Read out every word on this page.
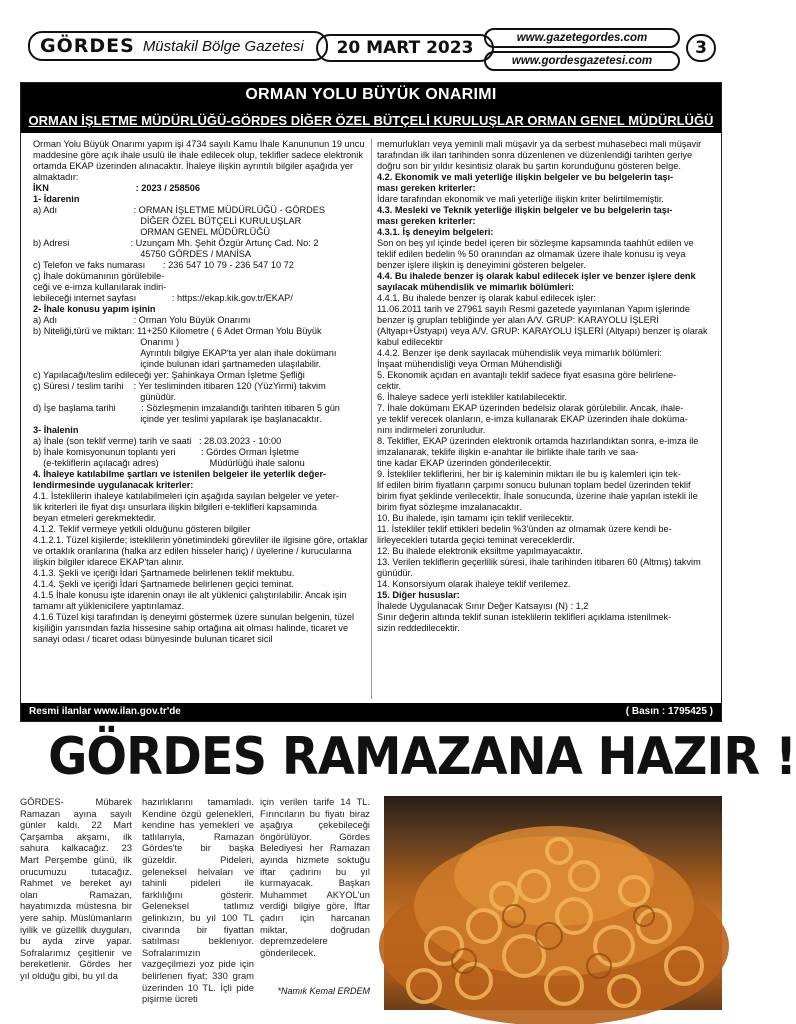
GÖRDES Müstakil Bölge Gazetesi	20 MART 2023	www.gazetegordes.com
www.gordesgazetesi.com
3
ORMAN YOLU BÜYÜK ONARIMI
ORMAN İŞLETME MÜDÜRLÜĞÜ-GÖRDES DİĞER ÖZEL BÜTÇELİ KURULUŞLAR ORMAN GENEL MÜDÜRLÜĞÜ

Orman Yolu Büyük Onarımı yapım işi 4734 sayılı Kamu İhale Kanununun 19 uncu maddesine göre açık ihale usulü ile ihale edilecek olup, teklifler sadece elektronik ortamda EKAP üzerinden alınacaktır. İhaleye ilişkin ayrıntılı bilgiler aşağıda yer almaktadır:

İKN                                  : 2023 / 258506

1- İdarenin

a) Adı                              : ORMAN İŞLETME MÜDÜRLÜĞÜ - GÖRDES
DİĞER ÖZEL BÜTÇELİ KURULUŞLAR
ORMAN GENEL MÜDÜRLÜĞÜ

b) Adresi                        : Uzunçam Mh. Şehit Özgür Artunç Cad. No: 2
45750 GÖRDES / MANİSA

c) Telefon ve faks numarası       : 236 547 10 79 - 236 547 10 72

ç) İhale dokümanının görülebile-
ceği ve e-imza kullanılarak indiri-
lebileceği internet sayfası              : https://ekap.kik.gov.tr/EKAP/

2- İhale konusu yapım işinin

a) Adı                              : Orman Yolu Büyük Onarımı

b) Niteliği,türü ve miktarı: 11+250 Kilometre ( 6 Adet Orman Yolu Büyük
Onarımı )
Ayrıntılı bilgiye EKAP'ta yer alan ihale dokümanı
içinde bulunan idari şartnameden ulaşılabilir.

c) Yapılacağı/teslim edileceği yer: Şahinkaya Orman İşletme Şefliği

ç) Süresi / teslim tarihi    : Yer tesliminden itibaren 120 (YüzYirmi) takvim
günüdür.

d) İşe başlama tarihi          : Sözleşmenin imzalandığı tarihten itibaren 5 gün
içinde yer teslimi yapılarak işe başlanacaktır.

3- İhalenin

a) İhale (son teklif verme) tarih ve saati   : 28.03.2023 - 10:00

b) İhale komisyonunun toplantı yeri          : Gördes Orman İşletme
(e-tekliflerin açılacağı adres)                    Müdürlüğü ihale salonu

4. İhaleye katılabilme şartları ve istenilen belgeler ile yeterlik değer-
lendirmesinde uygulanacak kriterler:

4.1. İsteklilerin ihaleye katılabilmeleri için aşağıda sayılan belgeler ve yeter-
lik kriterleri ile fiyat dışı unsurlara ilişkin bilgileri e-teklifleri kapsamında
beyan etmeleri gerekmektedir.

4.1.2. Teklif vermeye yetkili olduğunu gösteren bilgiler

4.1.2.1. Tüzel kişilerde; isteklilerin yönetimindeki görevliler ile ilgisine göre, ortaklar ve ortaklık oranlarına (halka arz edilen hisseler hariç) / üyelerine / kurucularına ilişkin bilgiler idarece EKAP'tan alınır.

4.1.3. Şekli ve içeriği İdari Şartnamede belirlenen teklif mektubu.

4.1.4. Şekli ve içeriği İdari Şartnamede belirlenen geçici teminat.

4.1.5 İhale konusu işte idarenin onayı ile alt yüklenici çalıştırılabilir. Ancak işin tamamı alt yüklenicilere yaptırılamaz.

4.1.6 Tüzel kişi tarafından iş deneyimi göstermek üzere sunulan belgenin, tüzel kişiliğin yarısından fazla hissesine sahip ortağına ait olması halinde, ticaret ve sanayi odası / ticaret odası bünyesinde bulunan ticaret sicil

memurlukları veya yeminli mali müşavir ya da serbest muhasebeci mali müşavir tarafından ilk ilan tarihinden sonra düzenlenen ve düzenlendiği tarihten geriye doğru son bir yıldır kesintisiz olarak bu şartın korunduğunu gösteren belge.

4.2. Ekonomik ve mali yeterliğe ilişkin belgeler ve bu belgelerin taşı-
ması gereken kriterler:

İdare tarafından ekonomik ve mali yeterliğe ilişkin kriter belirtilmemiştir.

4.3. Mesleki ve Teknik yeterliğe ilişkin belgeler ve bu belgelerin taşı-
ması gereken kriterler:

4.3.1. İş deneyim belgeleri:

Son on beş yıl içinde bedel içeren bir sözleşme kapsamında taahhüt edilen ve teklif edilen bedelin % 50 oranından az olmamak üzere ihale konusu iş veya benzer işlere ilişkin iş deneyimini gösteren belgeler.

4.4. Bu ihalede benzer iş olarak kabul edilecek işler ve benzer işlere denk sayılacak mühendislik ve mimarlık bölümleri:

4.4.1. Bu ihalede benzer iş olarak kabul edilecek işler:
11.06.2011 tarih ve 27961 sayılı Resmi gazetede yayımlanan Yapım işlerinde benzer iş grupları tebliğinde yer alan A/V. GRUP: KARAYOLU İŞLERİ (Altyapı+Üstyapı) veya A/V. GRUP: KARAYOLU İŞLERİ (Altyapı) benzer iş olarak kabul edilecektir

4.4.2. Benzer işe denk sayılacak mühendislik veya mimarlık bölümleri:
İnşaat mühendisliği veya Orman Mühendisliği

5. Ekonomik açıdan en avantajlı teklif sadece fiyat esasına göre belirlene-
cektir.

6. İhaleye sadece yerli istekliler katılabilecektir.

7. İhale dokümanı EKAP üzerinden bedelsiz olarak görülebilir. Ancak, ihale-
ye teklif verecek olanların, e-imza kullanarak EKAP üzerinden ihale doküma-
nını indirmeleri zorunludur.

8. Teklifler, EKAP üzerinden elektronik ortamda hazırlandıktan sonra, e-imza ile imzalanarak, teklife ilişkin e-anahtar ile birlikte ihale tarih ve saa-
tine kadar EKAP üzerinden gönderilecektir.

9. İstekliler tekliflerini, her bir iş kaleminin miktarı ile bu iş kalemleri için tek-
lif edilen birim fiyatların çarpımı sonucu bulunan toplam bedel üzerinden teklif birim fiyat şeklinde verilecektir. İhale sonucunda, üzerine ihale yapılan istekli ile birim fiyat sözleşme imzalanacaktır.

10. Bu ihalede, işin tamamı için teklif verilecektir.

11. İstekliler teklif ettikleri bedelin %3'ünden az olmamak üzere kendi be-
lirleyecekleri tutarda geçici teminat vereceklerdir.

12. Bu ihalede elektronik eksiltme yapılmayacaktır.

13. Verilen tekliflerin geçerlilik süresi, ihale tarihinden itibaren 60 (Altmış) takvim günüdür.

14. Konsorsiyum olarak ihaleye teklif verilemez.

15. Diğer hususlar:

İhalede Uygulanacak Sınır Değer Katsayısı (N) : 1,2
Sınır değerin altında teklif sunan isteklilerin teklifleri açıklama istenilmek-
sizin reddedilecektir.

Resmi ilanlar www.ilan.gov.tr'de	( Basın : 1795425 )
GÖRDES RAMAZANA HAZIR !

GÖRDES- Mübarek Ramazan ayına sayılı günler kaldı. 22 Mart Çarşamba akşamı, ilk sahura kalkacağız. 23 Mart Perşembe günü, ilk orucumuzu tutacağız. Rahmet ve bereket ayı olan Ramazan, hayatımızda müstesna bir yere sahip. Müslümanların iyilik ve güzellik duyguları, bu ayda zirve yapar. Sofralarımız çeşitlenir ve bereketlenir. Gördes her yıl olduğu gibi, bu yıl da

hazırlıklarını tamamladı. Kendine özgü gelenekleri, kendine has yemekleri ve tatlılarıyla, Ramazan Gördes'te bir başka güzeldir. Pideleri, geleneksel helvaları ve tahinli pideleri ile farklılığını gösterir. Geleneksel tatlımız gelinkızın, bu yıl 100 TL civarında bir fiyattan satılması beklenıyor. Sofralarımızın vazgeçilmezi yoz pide için belirlenen fiyat; 330 gram üzerinden 10 TL. İçli pide pişirme ücreti

için verilen tarife 14 TL. Fırıncıların bu fiyatı biraz aşağıya çekebileceği öngörülüyor. Gördes Belediyesi her Ramazan ayında hizmete soktuğu iftar çadırını bu yıl kurmayacak. Başkan Muhammet AKYOL'un verdiği bilgiye göre, İftar çadırı için harcanan miktar, doğrudan depremzedelere gönderilecek.

*Namık Kemal ERDEM
